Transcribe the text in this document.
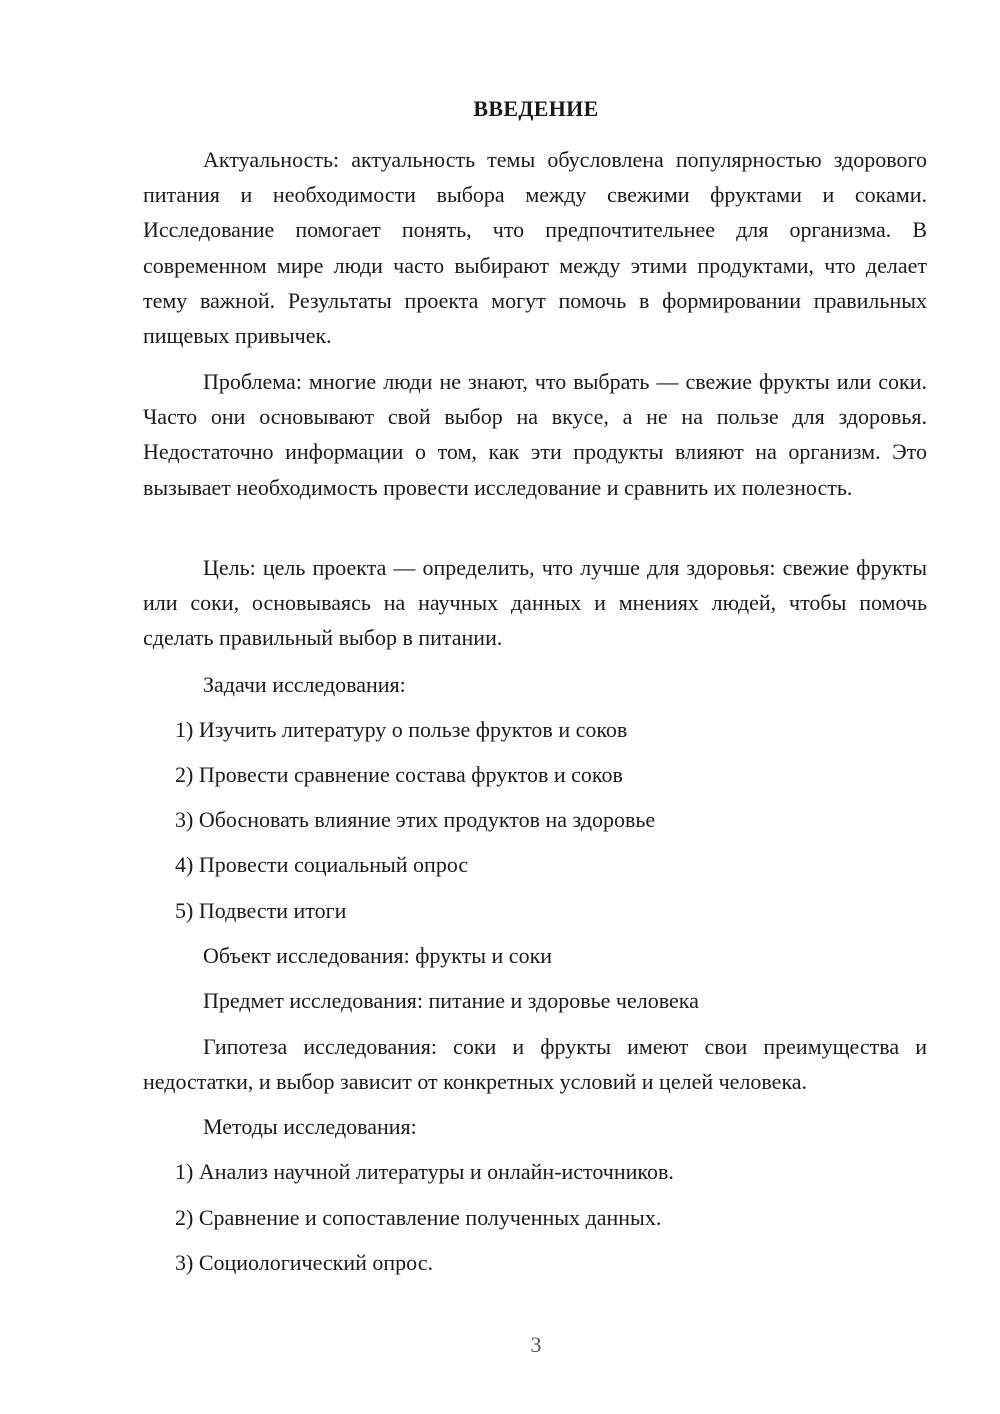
ВВЕДЕНИЕ
Актуальность: актуальность темы обусловлена популярностью здорового питания и необходимости выбора между свежими фруктами и соками. Исследование помогает понять, что предпочтительнее для организма. В современном мире люди часто выбирают между этими продуктами, что делает тему важной. Результаты проекта могут помочь в формировании правильных пищевых привычек.
Проблема: многие люди не знают, что выбрать — свежие фрукты или соки. Часто они основывают свой выбор на вкусе, а не на пользе для здоровья. Недостаточно информации о том, как эти продукты влияют на организм. Это вызывает необходимость провести исследование и сравнить их полезность.
Цель: цель проекта — определить, что лучше для здоровья: свежие фрукты или соки, основываясь на научных данных и мнениях людей, чтобы помочь сделать правильный выбор в питании.
Задачи исследования:
1) Изучить литературу о пользе фруктов и соков
2) Провести сравнение состава фруктов и соков
3) Обосновать влияние этих продуктов на здоровье
4) Провести социальный опрос
5) Подвести итоги
Объект исследования: фрукты и соки
Предмет исследования: питание и здоровье человека
Гипотеза исследования: соки и фрукты имеют свои преимущества и недостатки, и выбор зависит от конкретных условий и целей человека.
Методы исследования:
1) Анализ научной литературы и онлайн-источников.
2) Сравнение и сопоставление полученных данных.
3) Социологический опрос.
3
